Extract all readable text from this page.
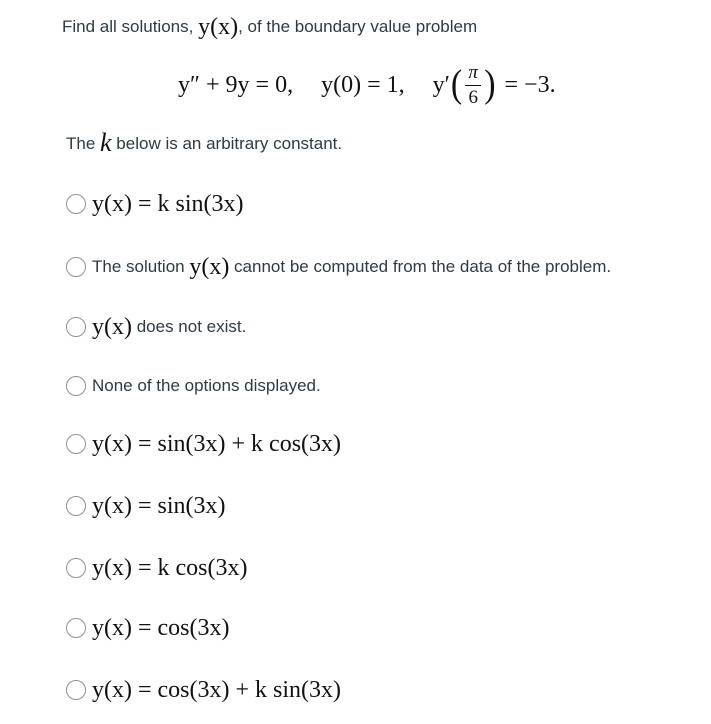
Find all solutions, y(x), of the boundary value problem
y″ + 9y = 0, y(0) = 1, y′ ( $\frac{\pi}{6}$ ) = −3.
The k below is an arbitrary constant.
y(x) = k sin(3x)
The solution y(x) cannot be computed from the data of the problem.
y(x) does not exist.
None of the options displayed.
y(x) = sin(3x) + k cos(3x)
y(x) = sin(3x)
y(x) = k cos(3x)
y(x) = cos(3x)
y(x) = cos(3x) + k sin(3x)
